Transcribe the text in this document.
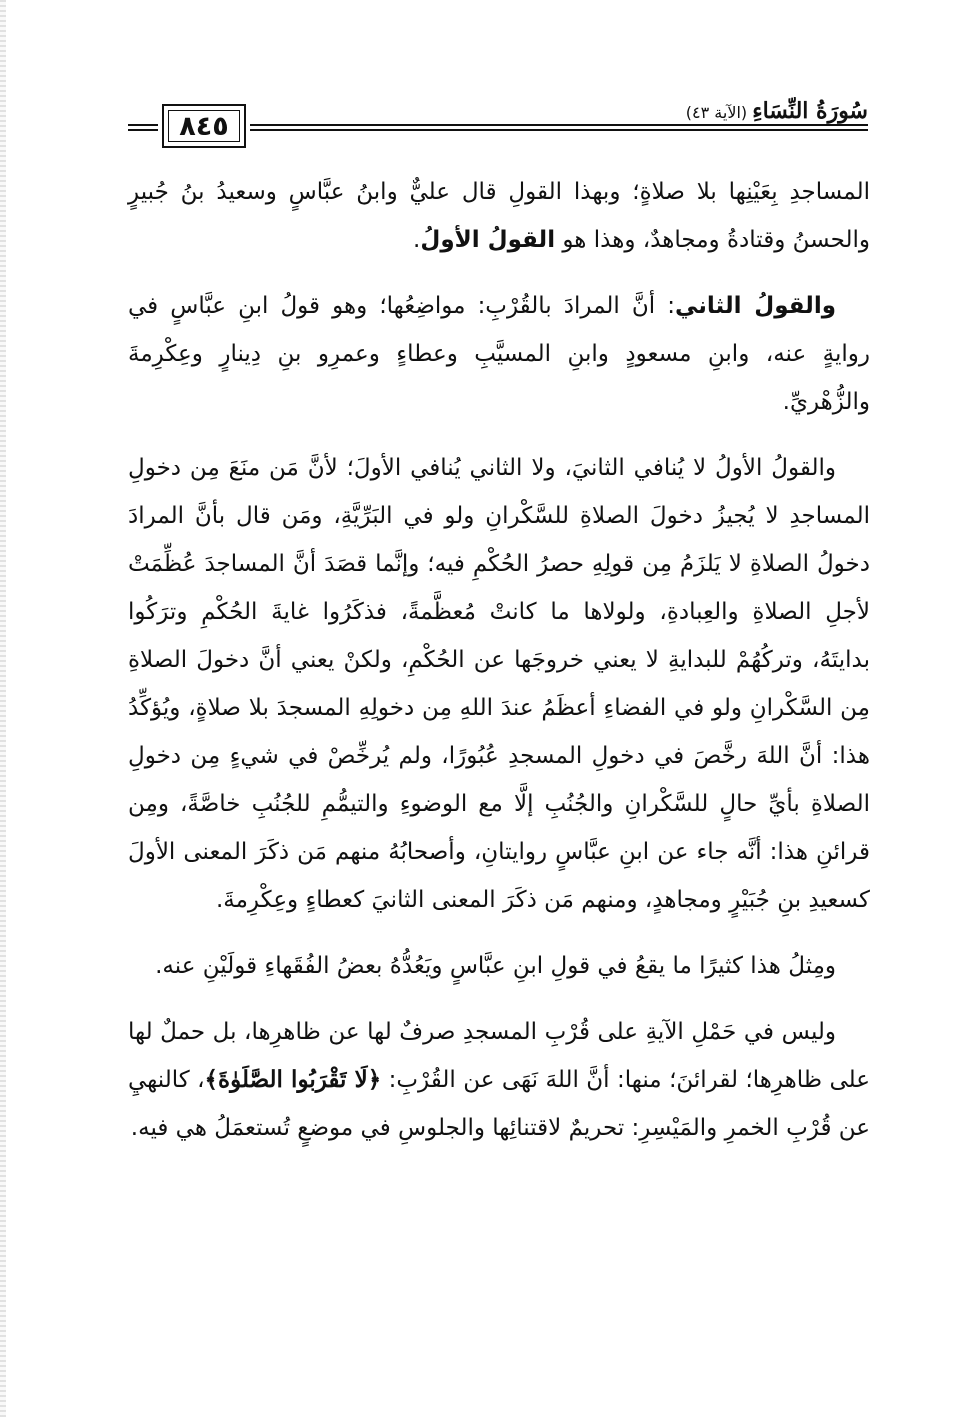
٨٤٥	سُورَةُ النِّسَاءِ (الآية ٤٣)

المساجدِ بِعَيْنِها بلا صلاةٍ؛ وبهذا القولِ قال عليٌّ وابنُ عبَّاسٍ وسعيدُ بنُ جُبيرٍ والحسنُ وقتادةُ ومجاهدٌ، وهذا هو القولُ الأولُ.

والقولُ الثاني: أنَّ المرادَ بالقُرْبِ: مواضِعُها؛ وهو قولُ ابنِ عبَّاسٍ في روايةٍ عنه، وابنِ مسعودٍ وابنِ المسيَّبِ وعطاءٍ وعمرِو بنِ دِينارٍ وعِكْرِمةَ والزُّهْريِّ.

والقولُ الأولُ لا يُنافي الثانيَ، ولا الثاني يُنافي الأولَ؛ لأنَّ مَن منَعَ مِن دخولِ المساجدِ لا يُجيزُ دخولَ الصلاةِ للسَّكْرانِ ولو في البَرِّيَّةِ، ومَن قال بأنَّ المرادَ دخولُ الصلاةِ لا يَلزَمُ مِن قولِهِ حصرُ الحُكْمِ فيه؛ وإنَّما قصَدَ أنَّ المساجدَ عُظِّمَتْ لأجلِ الصلاةِ والعِبادةِ، ولولاها ما كانتْ مُعظَّمةً، فذكَرُوا غايةَ الحُكْمِ وترَكُوا بدايتَهُ، وتركُهُمْ للبدايةِ لا يعني خروجَها عن الحُكْمِ، ولكنْ يعني أنَّ دخولَ الصلاةِ مِن السَّكْرانِ ولو في الفضاءِ أعظَمُ عندَ اللهِ مِن دخولِهِ المسجدَ بلا صلاةٍ، ويُؤكِّدُ هذا: أنَّ اللهَ رخَّصَ في دخولِ المسجدِ عُبُورًا، ولم يُرخِّصْ في شيءٍ مِن دخولِ الصلاةِ بأيِّ حالٍ للسَّكْرانِ والجُنُبِ إلَّا مع الوضوءِ والتيمُّمِ للجُنُبِ خاصَّةً، ومِن قرائنِ هذا: أنَّه جاء عن ابنِ عبَّاسٍ روايتانِ، وأصحابُهُ منهم مَن ذكَرَ المعنى الأولَ كسعيدِ بنِ جُبَيْرٍ ومجاهدٍ، ومنهم مَن ذكَرَ المعنى الثانيَ كعطاءٍ وعِكْرِمةَ.

ومِثلُ هذا كثيرًا ما يقعُ في قولِ ابنِ عبَّاسٍ ويَعُدُّهُ بعضُ الفُقَهاءِ قولَيْنِ عنه.

وليس في حَمْلِ الآيةِ على قُرْبِ المسجدِ صرفٌ لها عن ظاهرِها، بل حملٌ لها على ظاهرِها؛ لقرائنَ؛ منها: أنَّ اللهَ نَهَى عن القُرْبِ: ﴿لَا تَقْرَبُوا الصَّلَوٰةَ﴾، كالنهيِ عن قُرْبِ الخمرِ والمَيْسِرِ: تحريمٌ لاقتنائِها والجلوسِ في موضعٍ تُستعمَلُ هي فيه.
